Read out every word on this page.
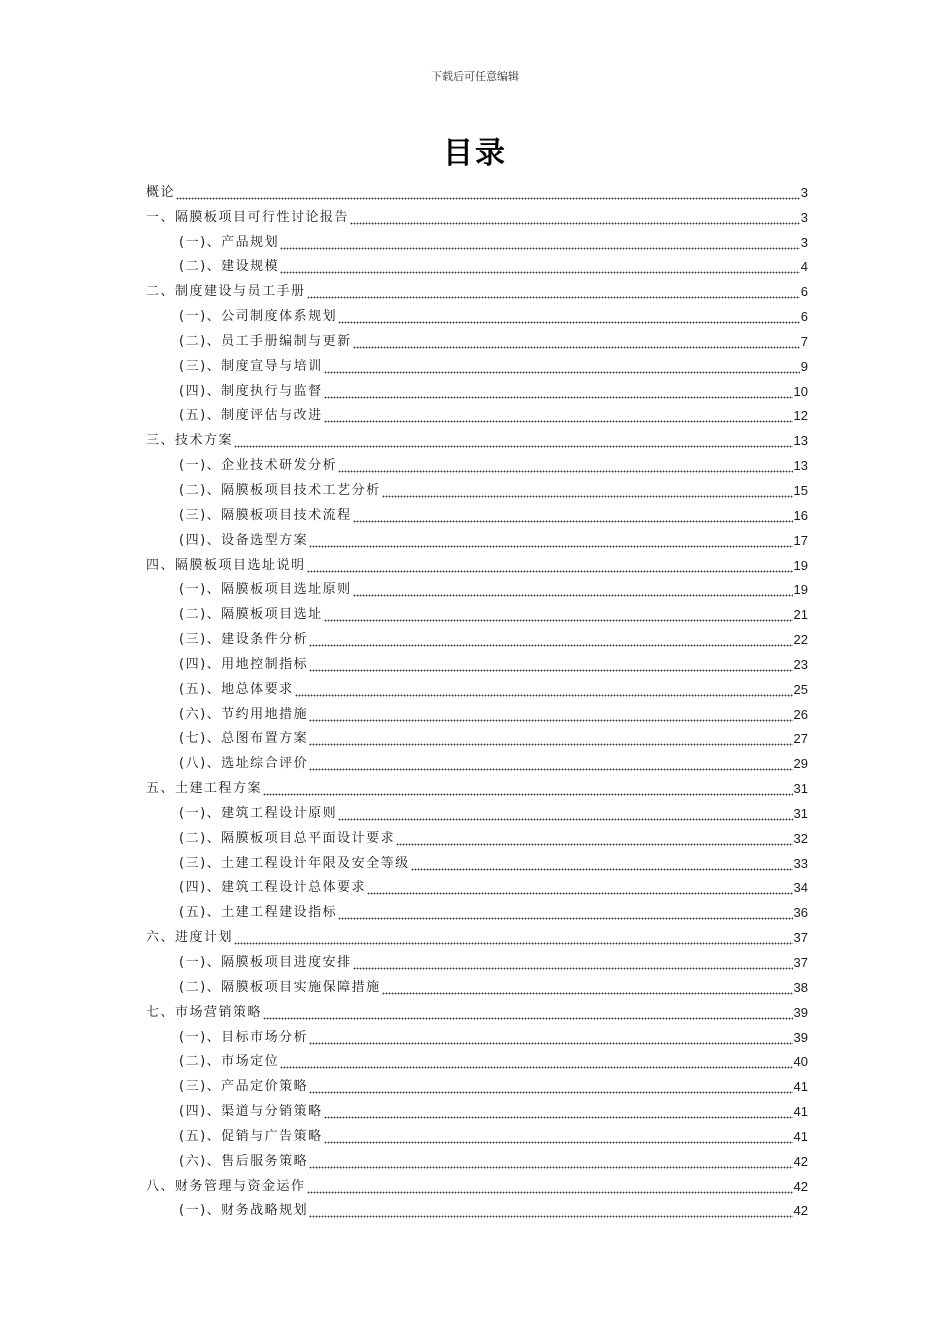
下载后可任意编辑
目录
概论	3
一、隔膜板项目可行性讨论报告	3
(一)、产品规划	3
(二)、建设规模	4
二、制度建设与员工手册	6
(一)、公司制度体系规划	6
(二)、员工手册编制与更新	7
(三)、制度宣导与培训	9
(四)、制度执行与监督	10
(五)、制度评估与改进	12
三、技术方案	13
(一)、企业技术研发分析	13
(二)、隔膜板项目技术工艺分析	15
(三)、隔膜板项目技术流程	16
(四)、设备选型方案	17
四、隔膜板项目选址说明	19
(一)、隔膜板项目选址原则	19
(二)、隔膜板项目选址	21
(三)、建设条件分析	22
(四)、用地控制指标	23
(五)、地总体要求	25
(六)、节约用地措施	26
(七)、总图布置方案	27
(八)、选址综合评价	29
五、土建工程方案	31
(一)、建筑工程设计原则	31
(二)、隔膜板项目总平面设计要求	32
(三)、土建工程设计年限及安全等级	33
(四)、建筑工程设计总体要求	34
(五)、土建工程建设指标	36
六、进度计划	37
(一)、隔膜板项目进度安排	37
(二)、隔膜板项目实施保障措施	38
七、市场营销策略	39
(一)、目标市场分析	39
(二)、市场定位	40
(三)、产品定价策略	41
(四)、渠道与分销策略	41
(五)、促销与广告策略	41
(六)、售后服务策略	42
八、财务管理与资金运作	42
(一)、财务战略规划	42
